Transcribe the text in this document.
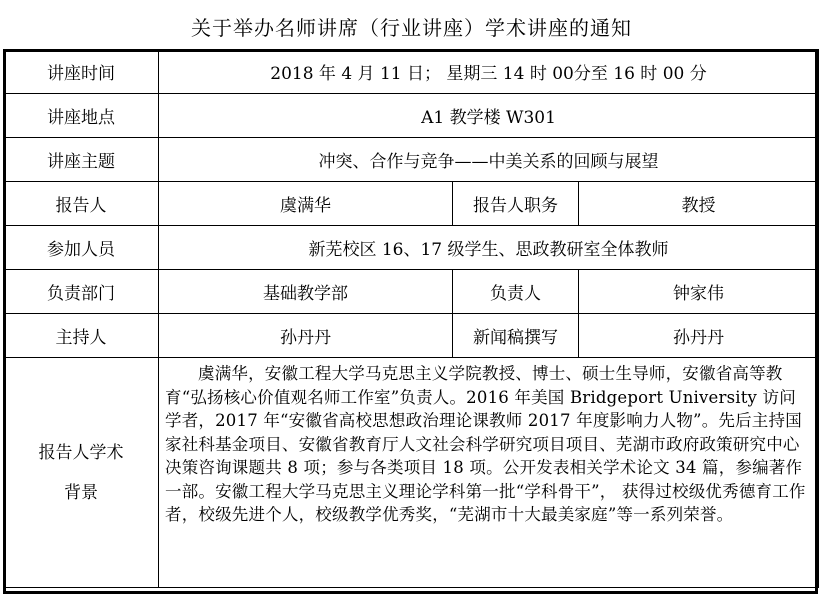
关于举办名师讲席（行业讲座）学术讲座的通知
讲座时间	2018 年 4 月 11 日； 星期三 14 时 00分至 16 时 00 分		
讲座地点	A1 教学楼 W301		
讲座主题	冲突、合作与竞争——中美关系的回顾与展望		
报告人	虞满华	报告人职务	教授
参加人员	新芜校区 16、17 级学生、思政教研室全体教师		
负责部门	基础教学部	负责人	钟家伟
主持人	孙丹丹	新闻稿撰写	孙丹丹

报告人学术
背景	虞满华，安徽工程大学马克思主义学院教授、博士、硕士生导师，安徽省高等教育“弘扬核心价值观名师工作室”负责人。2016 年美国 Bridgeport University 访问学者，2017 年“安徽省高校思想政治理论课教师 2017 年度影响力人物”。先后主持国家社科基金项目、安徽省教育厅人文社会科学研究项目项目、芜湖市政府政策研究中心决策咨询课题共 8 项；参与各类项目 18 项。公开发表相关学术论文 34 篇，参编著作一部。安徽工程大学马克思主义理论学科第一批“学科骨干”， 获得过校级优秀德育工作者，校级先进个人，校级教学优秀奖，“芜湖市十大最美家庭”等一系列荣誉。		
